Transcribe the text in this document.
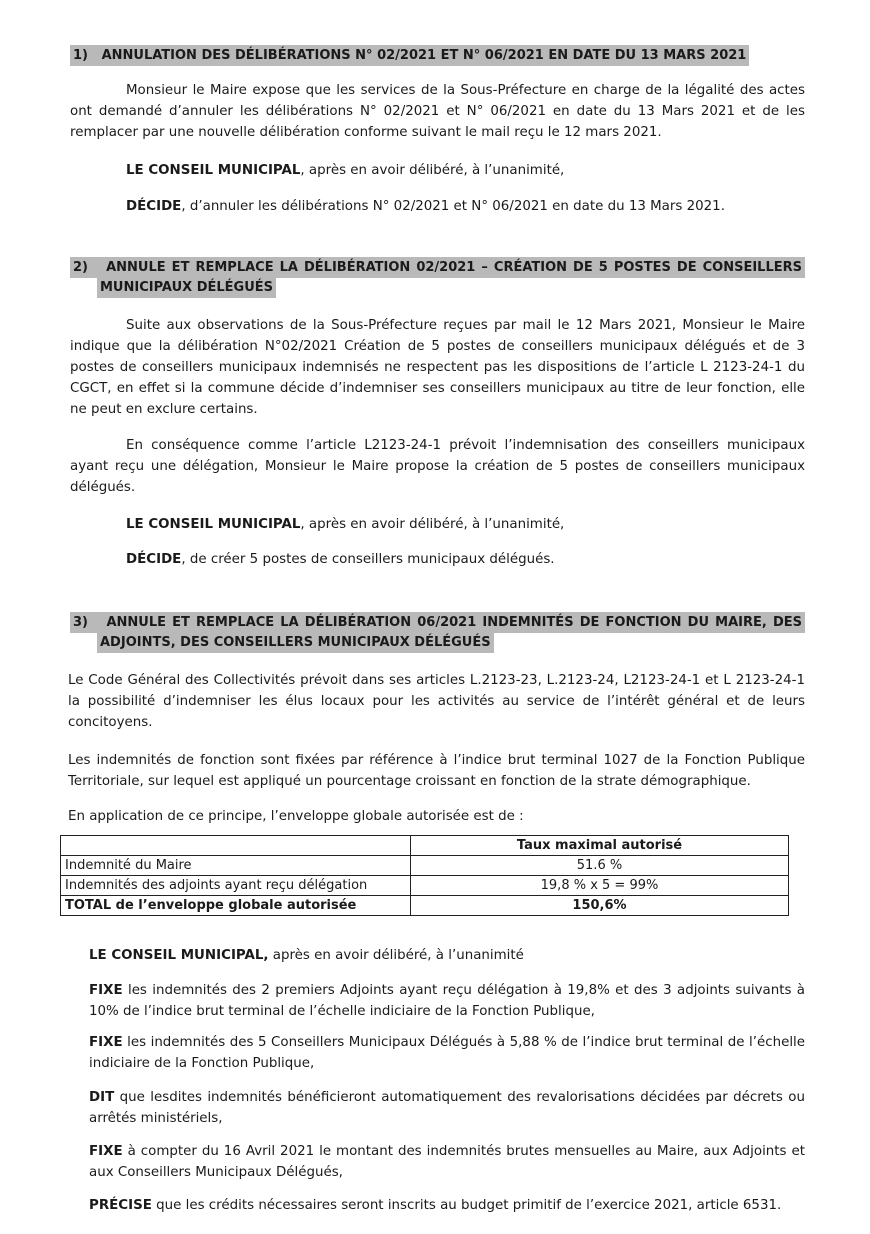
1) ANNULATION DES DÉLIBÉRATIONS N° 02/2021 ET N° 06/2021 EN DATE DU 13 MARS 2021
Monsieur le Maire expose que les services de la Sous-Préfecture en charge de la légalité des actes ont demandé d’annuler les délibérations N° 02/2021 et N° 06/2021 en date du 13 Mars 2021 et de les remplacer par une nouvelle délibération conforme suivant le mail reçu le 12 mars 2021.
LE CONSEIL MUNICIPAL, après en avoir délibéré, à l’unanimité,
DÉCIDE, d’annuler les délibérations N° 02/2021 et N° 06/2021 en date du 13 Mars 2021.
2) ANNULE ET REMPLACE LA DÉLIBÉRATION 02/2021 – CRÉATION DE 5 POSTES DE CONSEILLERS
MUNICIPAUX DÉLÉGUÉS
Suite aux observations de la Sous-Préfecture reçues par mail le 12 Mars 2021, Monsieur le Maire indique que la délibération N°02/2021 Création de 5 postes de conseillers municipaux délégués et de 3 postes de conseillers municipaux indemnisés ne respectent pas les dispositions de l’article L 2123-24-1 du CGCT, en effet si la commune décide d’indemniser ses conseillers municipaux au titre de leur fonction, elle ne peut en exclure certains.
En conséquence comme l’article L2123-24-1 prévoit l’indemnisation des conseillers municipaux ayant reçu une délégation, Monsieur le Maire propose la création de 5 postes de conseillers municipaux délégués.
LE CONSEIL MUNICIPAL, après en avoir délibéré, à l’unanimité,
DÉCIDE, de créer 5 postes de conseillers municipaux délégués.
3) ANNULE ET REMPLACE LA DÉLIBÉRATION 06/2021 INDEMNITÉS DE FONCTION DU MAIRE, DES
ADJOINTS, DES CONSEILLERS MUNICIPAUX DÉLÉGUÉS
Le Code Général des Collectivités prévoit dans ses articles L.2123-23, L.2123-24, L2123-24-1 et L 2123-24-1 la possibilité d’indemniser les élus locaux pour les activités au service de l’intérêt général et de leurs concitoyens.
Les indemnités de fonction sont fixées par référence à l’indice brut terminal 1027 de la Fonction Publique Territoriale, sur lequel est appliqué un pourcentage croissant en fonction de la strate démographique.
En application de ce principe, l’enveloppe globale autorisée est de :
	Taux maximal autorisé
Indemnité du Maire	51.6 %
Indemnités des adjoints ayant reçu délégation	19,8 % x 5 = 99%
TOTAL de l’enveloppe globale autorisée	150,6%
LE CONSEIL MUNICIPAL, après en avoir délibéré, à l’unanimité
FIXE les indemnités des 2 premiers Adjoints ayant reçu délégation à 19,8% et des 3 adjoints suivants à 10% de l’indice brut terminal de l’échelle indiciaire de la Fonction Publique,
FIXE les indemnités des 5 Conseillers Municipaux Délégués à 5,88 % de l’indice brut terminal de l’échelle indiciaire de la Fonction Publique,
DIT que lesdites indemnités bénéficieront automatiquement des revalorisations décidées par décrets ou arrêtés ministériels,
FIXE à compter du 16 Avril 2021 le montant des indemnités brutes mensuelles au Maire, aux Adjoints et aux Conseillers Municipaux Délégués,
PRÉCISE que les crédits nécessaires seront inscrits au budget primitif de l’exercice 2021, article 6531.
